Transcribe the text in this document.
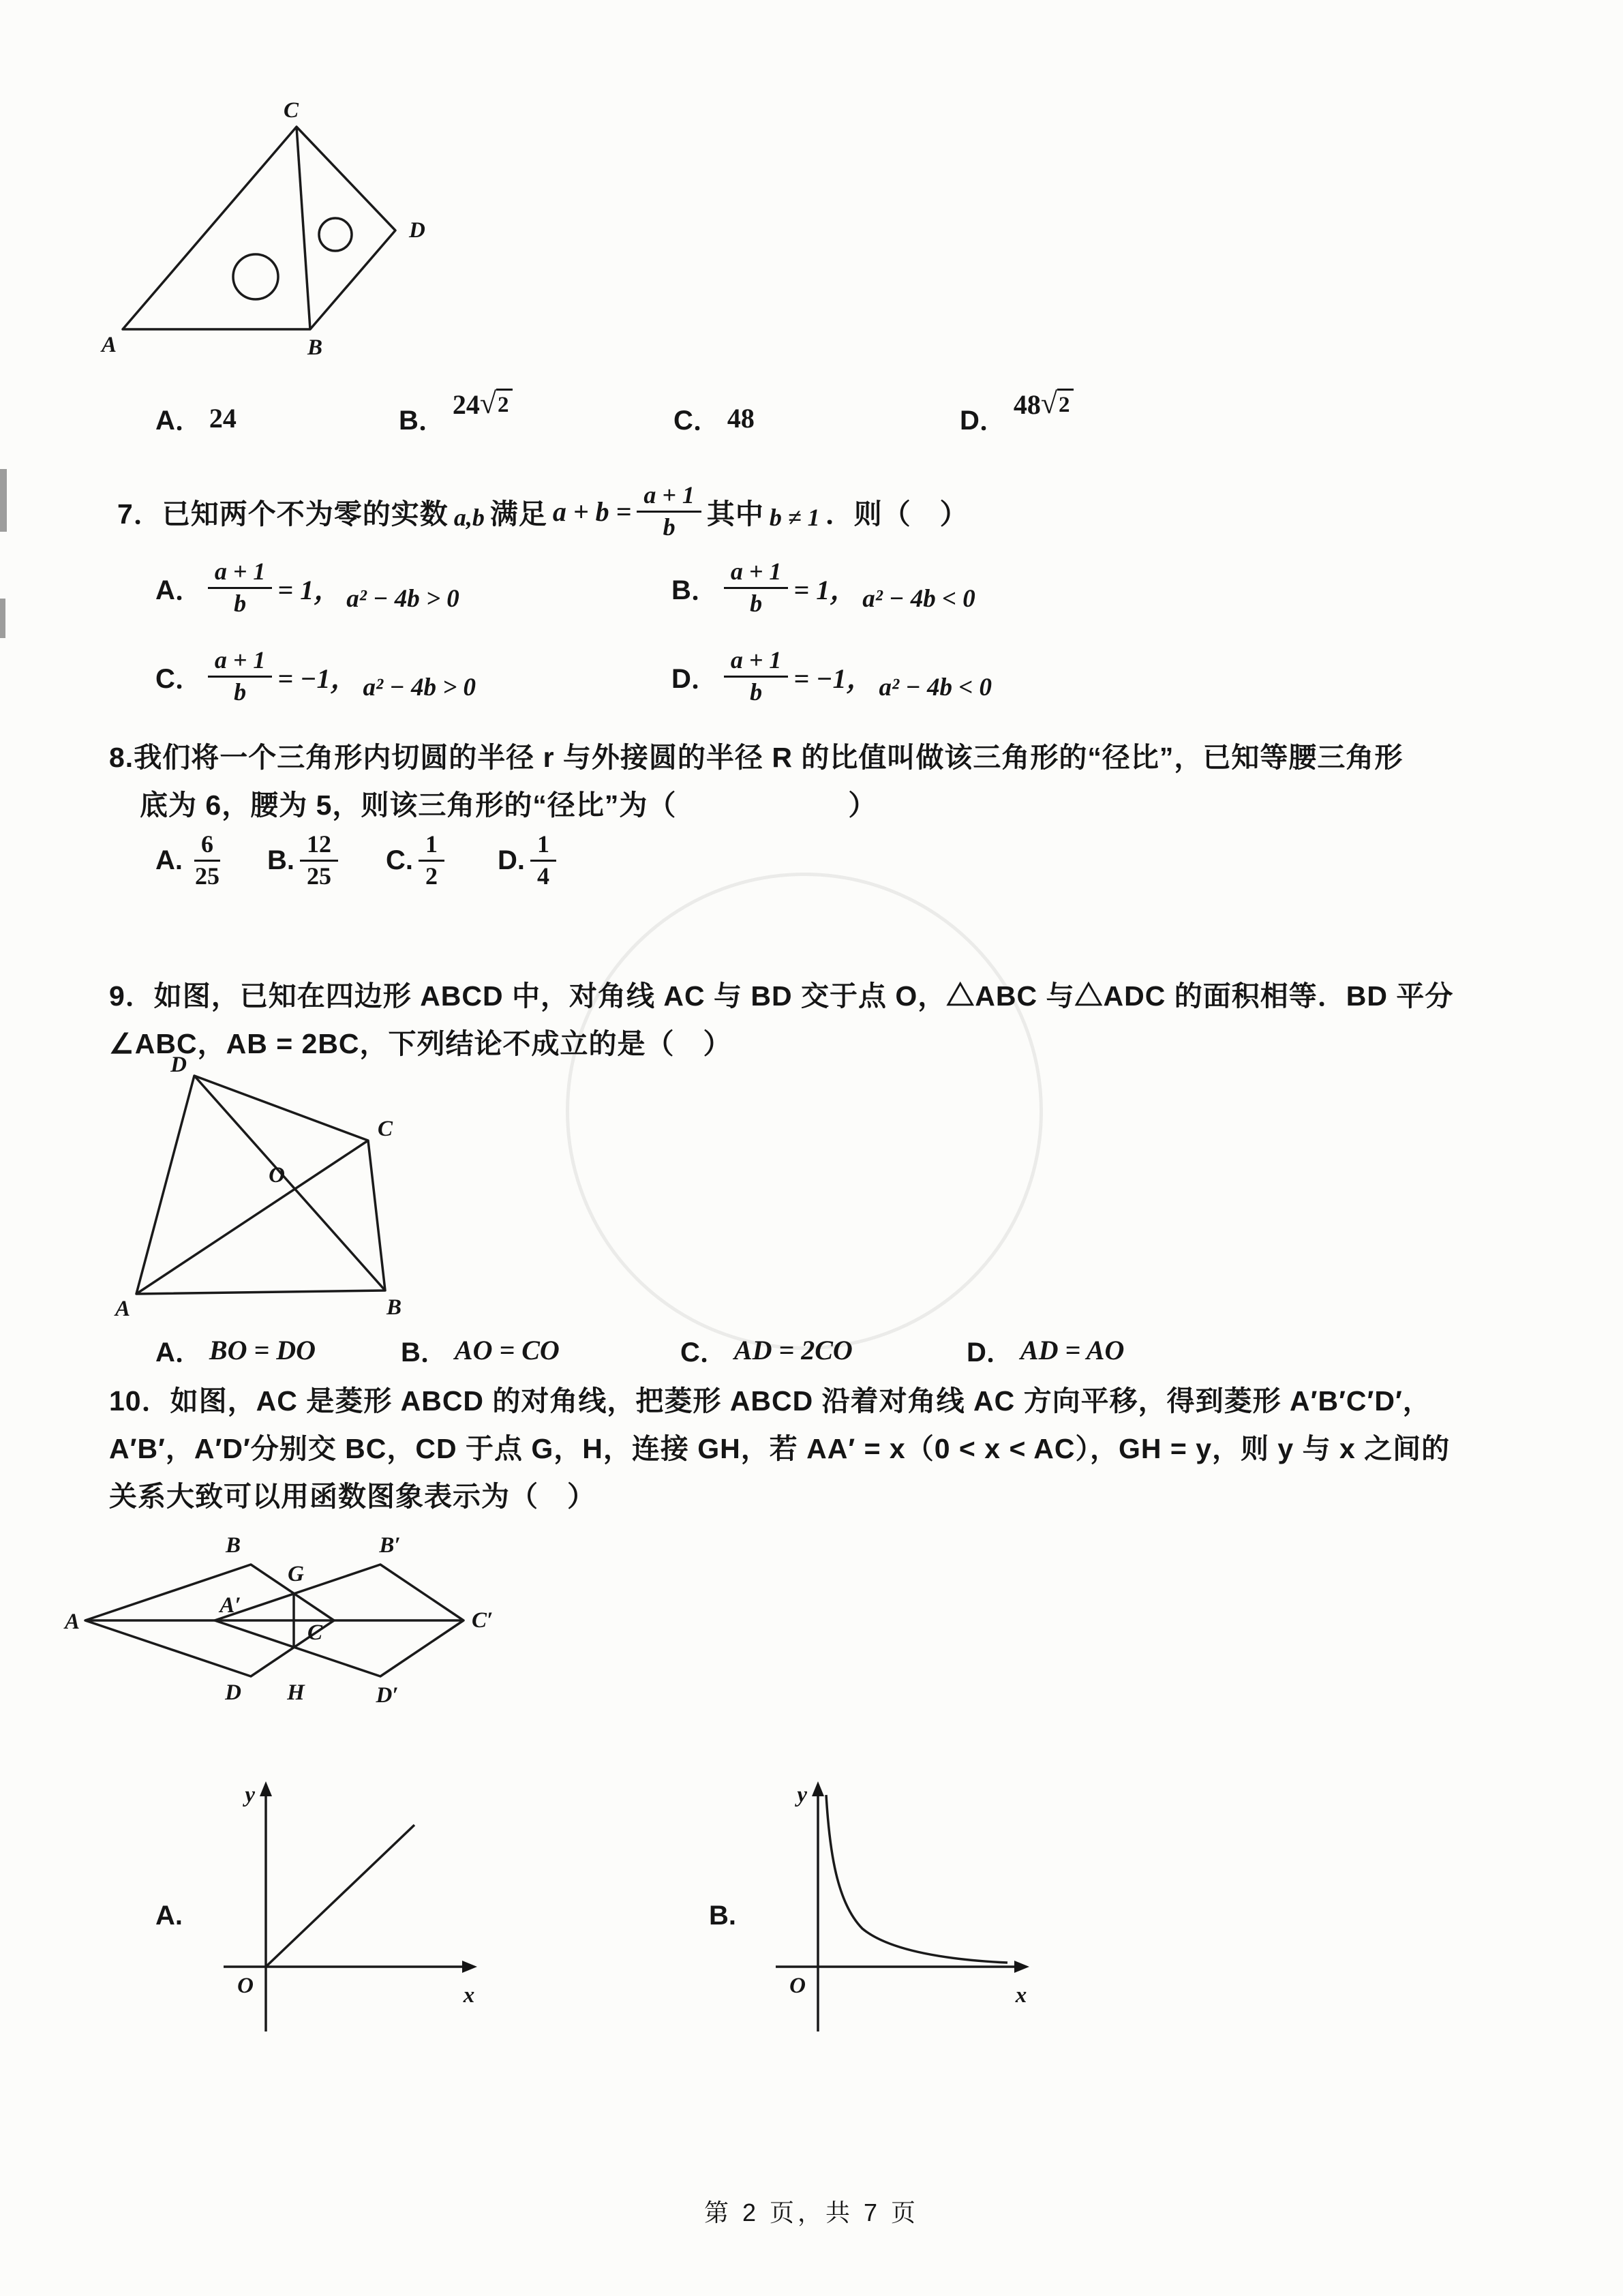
C
D
A	B
A． 24	B．
24 √ 2
C． 48	D．
48 √ 2
7．已知两个不为零的实数 a,b 满足 $a + b = \frac{a + 1}{b}$ 其中 b ≠ 1 ．则（　）
A． $\frac{a + 1}{b} = 1$， a² − 4b > 0	B． $\frac{a + 1}{b} = 1$， a² − 4b < 0
C． $\frac{a + 1}{b} = -1$， a² − 4b > 0	D． $\frac{a + 1}{b} = -1$， a² − 4b < 0
8.我们将一个三角形内切圆的半径 r 与外接圆的半径 R 的比值叫做该三角形的“径比”，已知等腰三角形
底为 6，腰为 5，则该三角形的“径比”为（　　　　　　）
A. $\frac{6}{25} B$. $\frac{12}{25} C$. $\frac{1}{2} D$. $\frac{1}{4}$
9．如图，已知在四边形 ABCD 中，对角线 AC 与 BD 交于点 O，△ABC 与△ADC 的面积相等．BD 平分
∠ABC，AB = 2BC，下列结论不成立的是（　）
D
C
O
A	B
A． BO = DO	B． AO = CO	C． AD = 2CO	D． AD = AO
10．如图，AC 是菱形 ABCD 的对角线，把菱形 ABCD 沿着对角线 AC 方向平移，得到菱形 A′B′C′D′，
A′B′，A′D′分别交 BC，CD 于点 G，H，连接 GH，若 AA′ = x（0 < x < AC），GH = y，则 y 与 x 之间的
关系大致可以用函数图象表示为（　）
A
B
G
B′
A′
C	C′
D H	D′
A.
y
x
O
B.
y
x
O
第 2 页，共 7 页
